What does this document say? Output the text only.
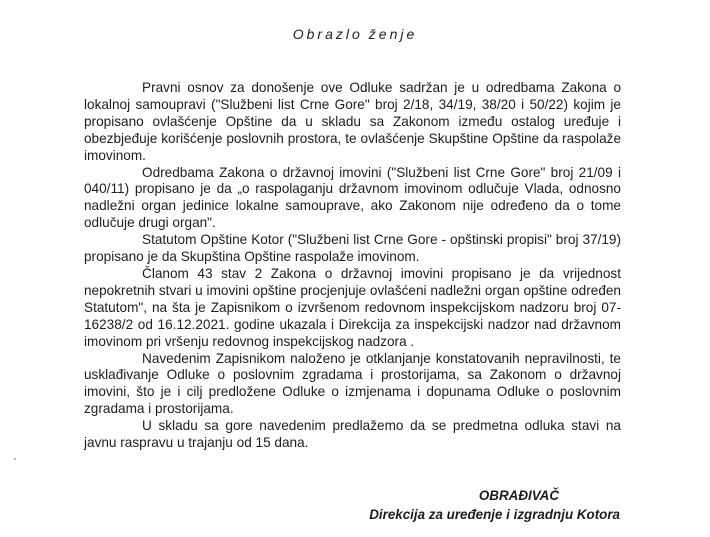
Obrazlo ženje

Pravni osnov za donošenje ove Odluke sadržan je u odredbama Zakona o lokalnoj samoupravi ("Službeni list Crne Gore" broj 2/18, 34/19, 38/20 i 50/22) kojim je propisano ovlašćenje Opštine da u skladu sa Zakonom između ostalog uređuje i obezbjeđuje korišćenje poslovnih prostora, te ovlašćenje Skupštine Opštine da raspolaže imovinom.

Odredbama Zakona o državnoj imovini ("Službeni list Crne Gore" broj 21/09 i 040/11) propisano je da „o raspolaganju državnom imovinom odlučuje Vlada, odnosno nadležni organ jedinice lokalne samouprave, ako Zakonom nije određeno da o tome odlučuje drugi organ".

Statutom Opštine Kotor ("Službeni list Crne Gore - opštinski propisi" broj 37/19) propisano je da Skupština Opštine raspolaže imovinom.

Članom 43 stav 2 Zakona o državnoj imovini propisano je da vrijednost nepokretnih stvari u imovini opštine procjenjuje ovlašćeni nadležni organ opštine određen Statutom", na šta je Zapisnikom o izvršenom redovnom inspekcijskom nadzoru broj 07-16238/2 od 16.12.2021. godine ukazala i Direkcija za inspekcijski nadzor nad državnom imovinom pri vršenju redovnog inspekcijskog nadzora .

Navedenim Zapisnikom naloženo je otklanjanje konstatovanih nepravilnosti, te usklađivanje Odluke o poslovnim zgradama i prostorijama, sa Zakonom o državnoj imovini, što je i cilj predložene Odluke o izmjenama i dopunama Odluke o poslovnim zgradama i prostorijama.

U skladu sa gore navedenim predlažemo da se predmetna odluka stavi na javnu raspravu u trajanju od 15 dana.

OBRAĐIVAČ
Direkcija za uređenje i izgradnju Kotora
